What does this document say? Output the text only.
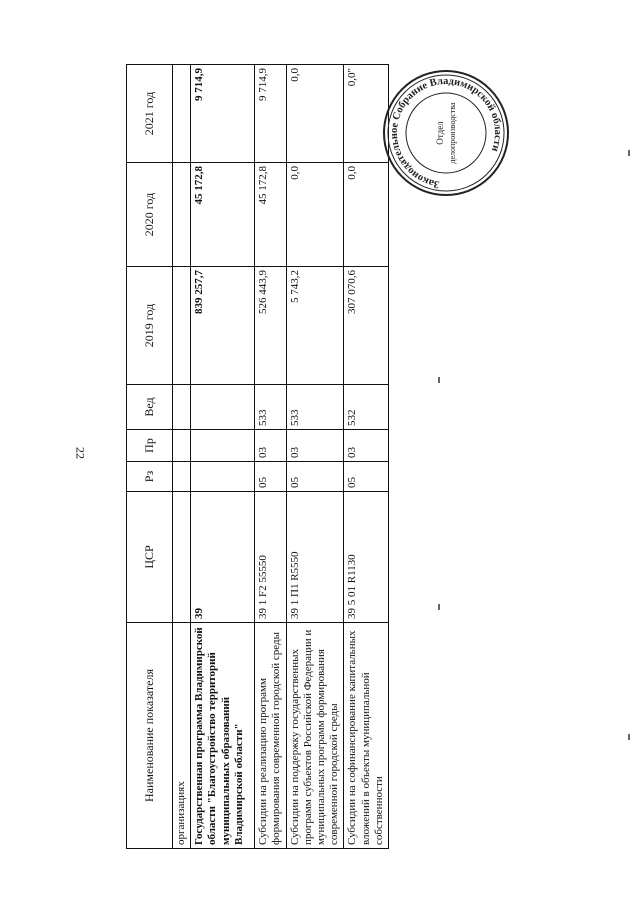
22
Наименование показателя	ЦСР	Рз	Пр	Вед	2019 год	2020 год	2021 год
организациях							
Государственная программа Владимирской области "Благоустройство территорий муниципальных образований Владимирской области"	39				839 257,7	45 172,8	9 714,9
Субсидии на реализацию программ формирования современной городской среды	39 1 F2 55550	05	03	533	526 443,9	45 172,8	9 714,9
Субсидии на поддержку государственных программ субъектов Российской Федерации и муниципальных программ формирования современной городской среды	39 1 П1 R5550	05	03	533	5 743,2	0,0	0,0
Субсидии на софинансирование капитальных вложений в объекты муниципальной собственности	39 5 01 R1130	05	03	532	307 070,6	0,0	0,0"
Законодательное Собрание Владимирской области
Отдел делопроизводства
